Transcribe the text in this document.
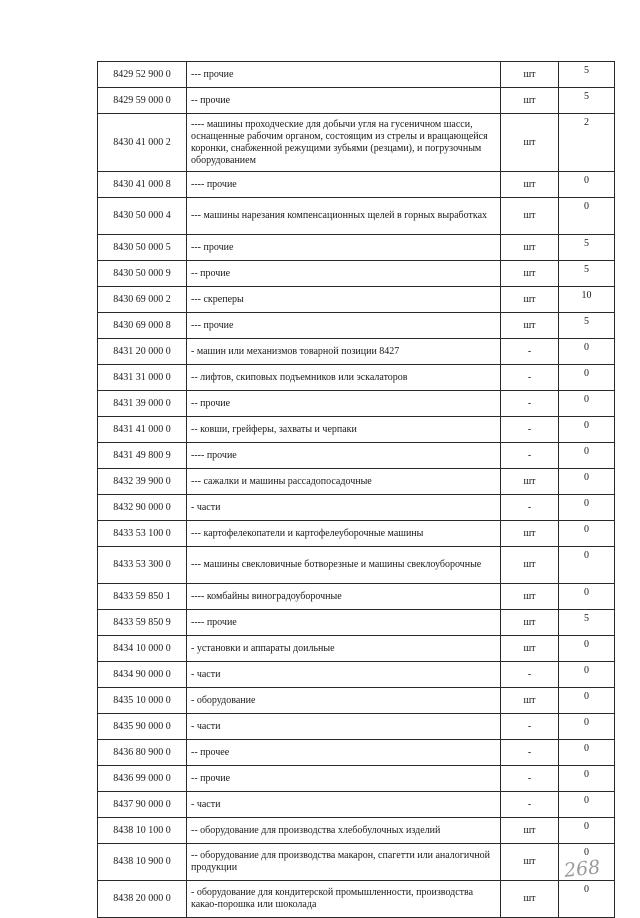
8429 52 900 0	--- прочие	шт	5
8429 59 000 0	-- прочие	шт	5
8430 41 000 2	---- машины проходческие для добычи угля на гусеничном шасси, оснащенные рабочим органом, состоящим из стрелы и вращающейся коронки, снабженной режущими зубьями (резцами), и погрузочным оборудованием	шт	2
8430 41 000 8	---- прочие	шт	0
8430 50 000 4	--- машины нарезания компенсационных щелей в горных выработках	шт	0
8430 50 000 5	--- прочие	шт	5
8430 50 000 9	-- прочие	шт	5
8430 69 000 2	--- скреперы	шт	10
8430 69 000 8	--- прочие	шт	5
8431 20 000 0	- машин или механизмов товарной позиции 8427	-	0
8431 31 000 0	-- лифтов, скиповых подъемников или эскалаторов	-	0
8431 39 000 0	-- прочие	-	0
8431 41 000 0	-- ковши, грейферы, захваты и черпаки	-	0
8431 49 800 9	---- прочие	-	0
8432 39 900 0	--- сажалки и машины рассадопосадочные	шт	0
8432 90 000 0	- части	-	0
8433 53 100 0	--- картофелекопатели и картофелеуборочные машины	шт	0
8433 53 300 0	--- машины свекловичные ботворезные и машины свеклоуборочные	шт	0
8433 59 850 1	---- комбайны виноградоуборочные	шт	0
8433 59 850 9	---- прочие	шт	5
8434 10 000 0	- установки и аппараты доильные	шт	0
8434 90 000 0	- части	-	0
8435 10 000 0	- оборудование	шт	0
8435 90 000 0	- части	-	0
8436 80 900 0	-- прочее	-	0
8436 99 000 0	-- прочие	-	0
8437 90 000 0	- части	-	0
8438 10 100 0	-- оборудование для производства хлебобулочных изделий	шт	0
8438 10 900 0	-- оборудование для производства макарон, спагетти или аналогичной продукции	шт	0
8438 20 000 0	- оборудование для кондитерской промышленности, производства какао-порошка или шоколада	шт	0
268
